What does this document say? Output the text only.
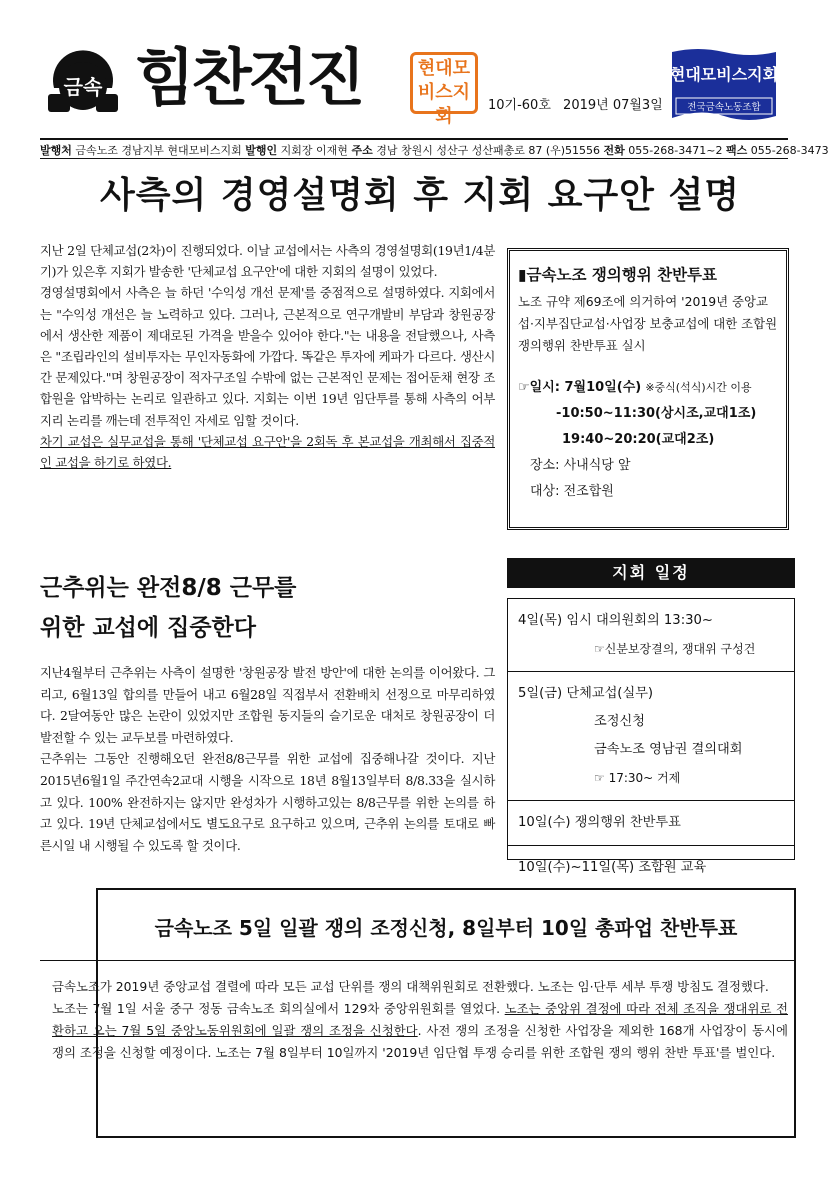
금속 힘찬전진	현대모비스지회
10기-60호 2019년 07월3일
현대모비스지회
전국금속노동조합
발행처 금속노조 경남지부 현대모비스지회 발행인 지회장 이재현 주소 경남 창원시 성산구 성산패총로 87 (우)51556 전화 055-268-3471~2 팩스 055-268-3473
사측의 경영설명회 후 지회 요구안 설명

지난 2일 단체교섭(2차)이 진행되었다. 이날 교섭에서는 사측의 경영설명회(19년1/4분기)가 있은후 지회가 발송한 '단체교섭 요구안'에 대한 지회의 설명이 있었다.

경영설명회에서 사측은 늘 하던 '수익성 개선 문제'를 중점적으로 설명하였다. 지회에서는 "수익성 개선은 늘 노력하고 있다. 그러나, 근본적으로 연구개발비 부담과 창원공장에서 생산한 제품이 제대로된 가격을 받을수 있어야 한다."는 내용을 전달했으나, 사측은 "조립라인의 설비투자는 무인자동화에 가깝다. 똑같은 투자에 케파가 다르다. 생산시간 문제있다."며 창원공장이 적자구조일 수밖에 없는 근본적인 문제는 접어둔채 현장 조합원을 압박하는 논리로 일관하고 있다. 지회는 이번 19년 임단투를 통해 사측의 어부지리 논리를 깨는데 전투적인 자세로 임할 것이다.

차기 교섭은 실무교섭을 통해 '단체교섭 요구안'을 2회독 후 본교섭을 개최해서 집중적인 교섭을 하기로 하였다.

▮금속노조 쟁의행위 찬반투표
노조 규약 제69조에 의거하여 '2019년 중앙교섭·지부집단교섭·사업장 보충교섭에 대한 조합원 쟁의행위 찬반투표 실시
☞일시: 7월10일(수) ※중식(석식)시간 이용
-10:50~11:30(상시조,교대1조)
19:40~20:20(교대2조)
장소: 사내식당 앞
대상: 전조합원
지회 일정
4일(목) 임시 대의원회의 13:30~
☞신분보장결의, 쟁대위 구성건
5일(금) 단체교섭(실무)
조정신청
금속노조 영남권 결의대회
☞ 17:30~ 거제
10일(수) 쟁의행위 찬반투표
10일(수)~11일(목) 조합원 교육
근추위는 완전8/8 근무를
위한 교섭에 집중한다

지난4월부터 근추위는 사측이 설명한 '창원공장 발전 방안'에 대한 논의를 이어왔다. 그리고, 6월13일 합의를 만들어 내고 6월28일 직접부서 전환배치 선정으로 마무리하였다. 2달여동안 많은 논란이 있었지만 조합원 동지들의 슬기로운 대처로 창원공장이 더 발전할 수 있는 교두보를 마련하였다.

근추위는 그동안 진행해오던 완전8/8근무를 위한 교섭에 집중해나갈 것이다. 지난 2015년6월1일 주간연속2교대 시행을 시작으로 18년 8월13일부터 8/8.33을 실시하고 있다. 100% 완전하지는 않지만 완성차가 시행하고있는 8/8근무를 위한 논의를 하고 있다. 19년 단체교섭에서도 별도요구로 요구하고 있으며, 근추위 논의를 토대로 빠른시일 내 시행될 수 있도록 할 것이다.

금속노조 5일 일괄 쟁의 조정신청, 8일부터 10일 총파업 찬반투표

금속노조가 2019년 중앙교섭 결렬에 따라 모든 교섭 단위를 쟁의 대책위원회로 전환했다. 노조는 임·단투 세부 투쟁 방침도 결정했다.

노조는 7월 1일 서울 중구 정동 금속노조 회의실에서 129차 중앙위원회를 열었다. 노조는 중앙위 결정에 따라 전체 조직을 쟁대위로 전환하고 오는 7월 5일 중앙노동위원회에 일괄 쟁의 조정을 신청한다. 사전 쟁의 조정을 신청한 사업장을 제외한 168개 사업장이 동시에 쟁의 조정을 신청할 예정이다. 노조는 7월 8일부터 10일까지 '2019년 임단협 투쟁 승리를 위한 조합원 쟁의 행위 찬반 투표'를 벌인다.
